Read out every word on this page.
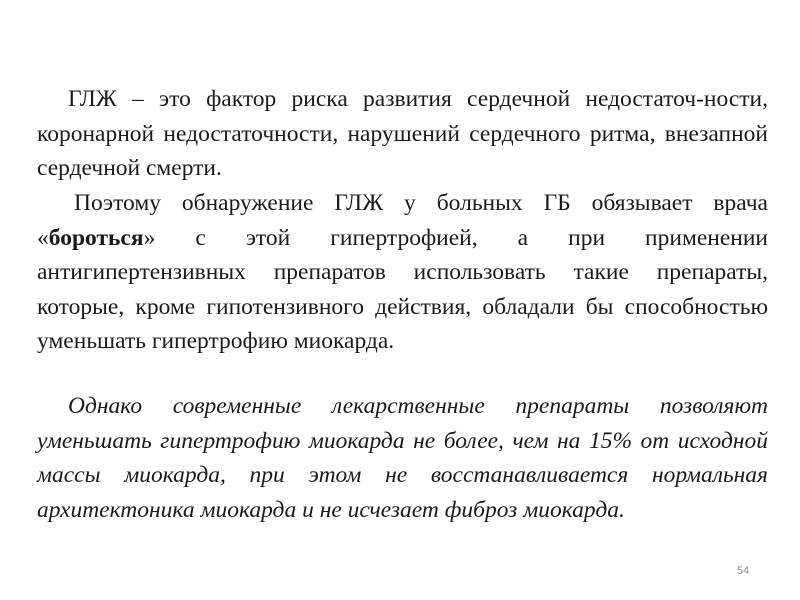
ГЛЖ – это фактор риска развития сердечной недостаточ-ности, коронарной недостаточности, нарушений сердечного ритма, внезапной сердечной смерти.

Поэтому обнаружение ГЛЖ у больных ГБ обязывает врача «бороться» с этой гипертрофией, а при применении антигипертензивных препаратов использовать такие препараты, которые, кроме гипотензивного действия, обладали бы способностью уменьшать гипертрофию миокарда.

Однако современные лекарственные препараты позволяют уменьшать гипертрофию миокарда не более, чем на 15% от исходной массы миокарда, при этом не восстанавливается нормальная архитектоника миокарда и не исчезает фиброз миокарда.

54
